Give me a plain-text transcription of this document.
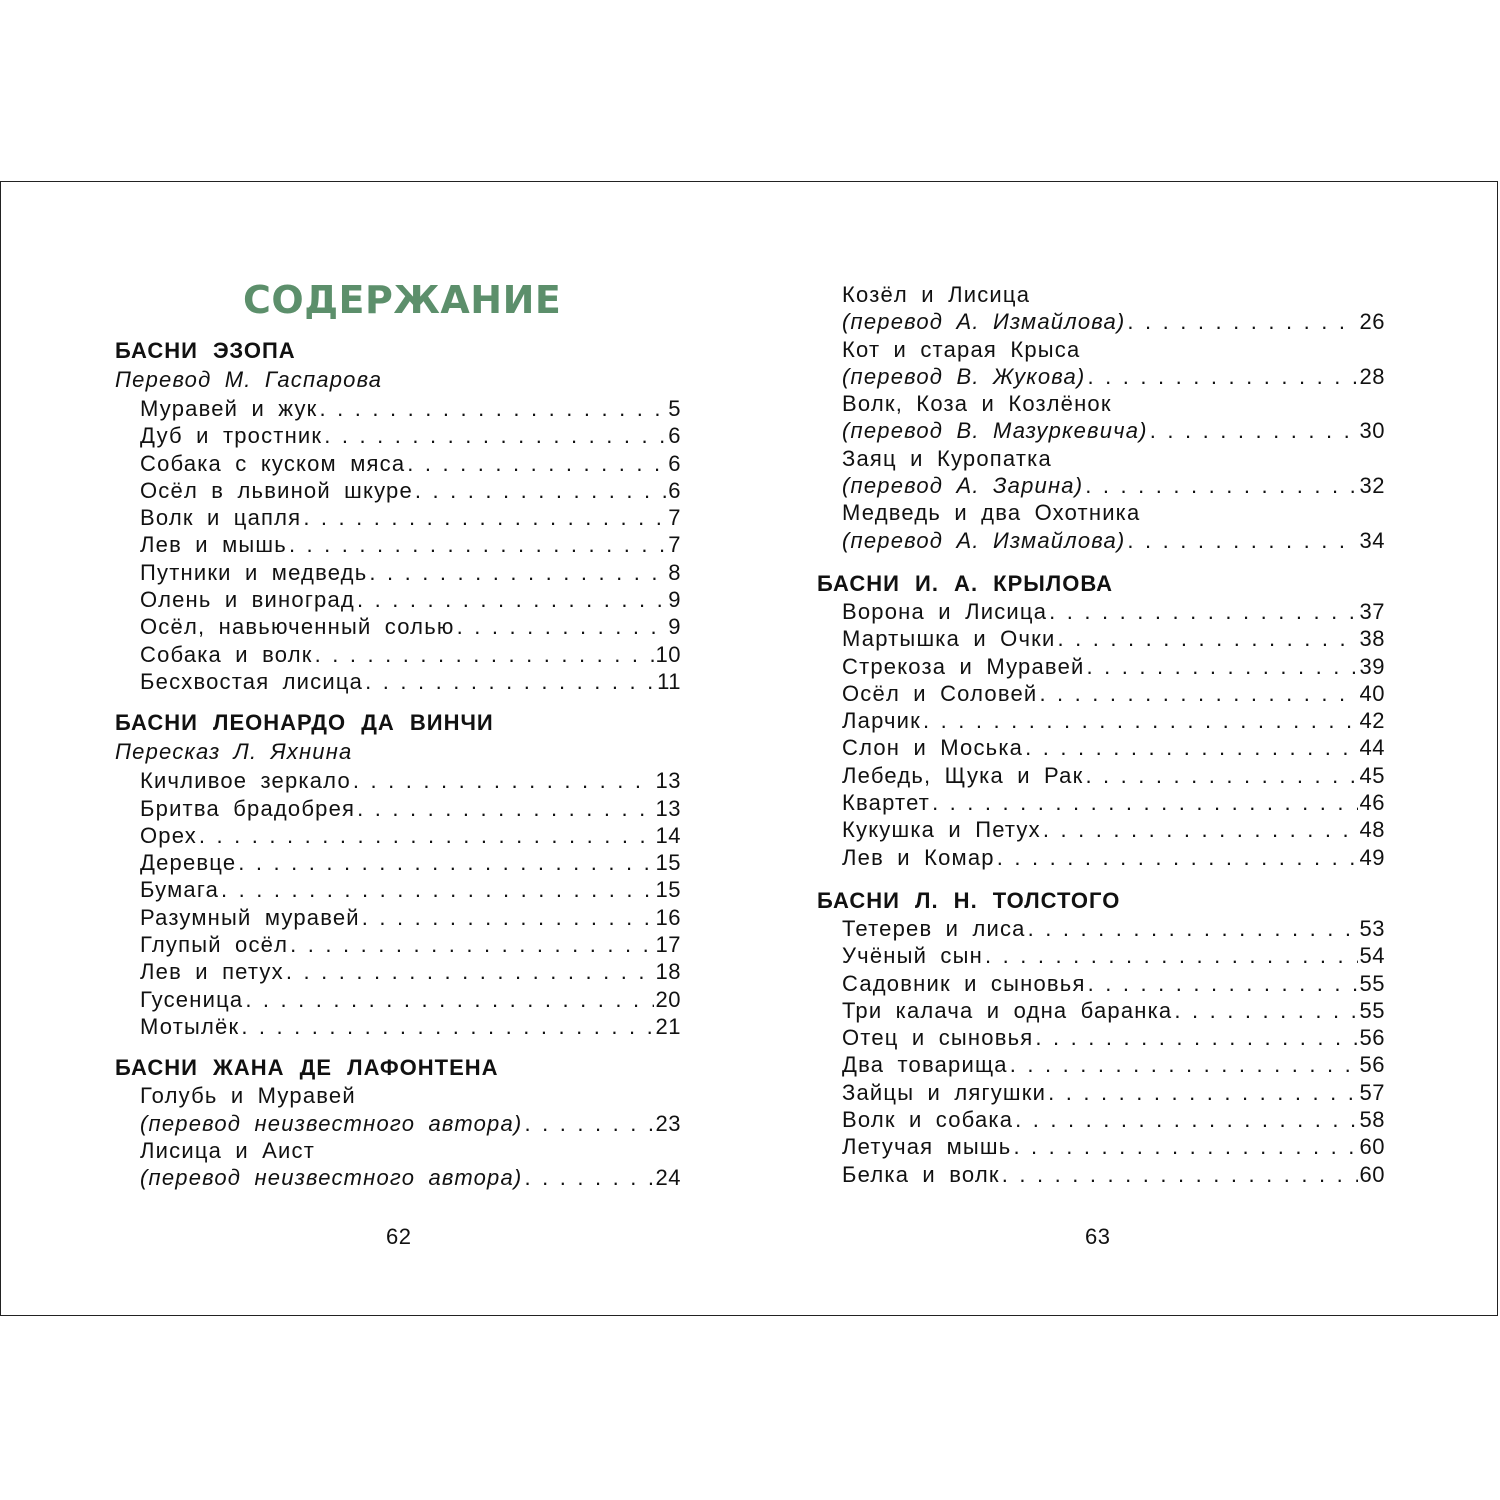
СОДЕРЖАНИЕ
БАСНИ ЭЗОПА
Перевод М. Гаспарова
Муравей и жук . . .	5
Дуб и тростник . . .	6
Собака с куском мяса . . .	6
Осёл в львиной шкуре . . .	6
Волк и цапля . . .	7
Лев и мышь . . .	7
Путники и медведь . . .	8
Олень и виноград . . .	9
Осёл, навьюченный солью . . .	9
Собака и волк . . .	10
Бесхвостая лисица . . .	11
БАСНИ ЛЕОНАРДО ДА ВИНЧИ
Пересказ Л. Яхнина
Кичливое зеркало . . .	13
Бритва брадобрея . . .	13
Орех . . .	14
Деревце . . .	15
Бумага . . .	15
Разумный муравей . . .	16
Глупый осёл . . .	17
Лев и петух . . .	18
Гусеница . . .	20
Мотылёк . . .	21
БАСНИ ЖАНА ДЕ ЛАФОНТЕНА
Голубь и Муравей
(перевод неизвестного автора) . . .	23
Лисица и Аист
(перевод неизвестного автора) . . .	24
62
Козёл и Лисица
(перевод А. Измайлова) . . .	26
Кот и старая Крыса
(перевод В. Жукова) . . .	28
Волк, Коза и Козлёнок
(перевод В. Мазуркевича) . . .	30
Заяц и Куропатка
(перевод А. Зарина) . . .	32
Медведь и два Охотника
(перевод А. Измайлова) . . .	34
БАСНИ И. А. КРЫЛОВА
Ворона и Лисица . . .	37
Мартышка и Очки . . .	38
Стрекоза и Муравей . . .	39
Осёл и Соловей . . .	40
Ларчик . . .	42
Слон и Моська . . .	44
Лебедь, Щука и Рак . . .	45
Квартет . . .	46
Кукушка и Петух . . .	48
Лев и Комар . . .	49
БАСНИ Л. Н. ТОЛСТОГО
Тетерев и лиса . . .	53
Учёный сын . . .	54
Садовник и сыновья . . .	55
Три калача и одна баранка . . .	55
Отец и сыновья . . .	56
Два товарища . . .	56
Зайцы и лягушки . . .	57
Волк и собака . . .	58
Летучая мышь . . .	60
Белка и волк . . .	60
63
